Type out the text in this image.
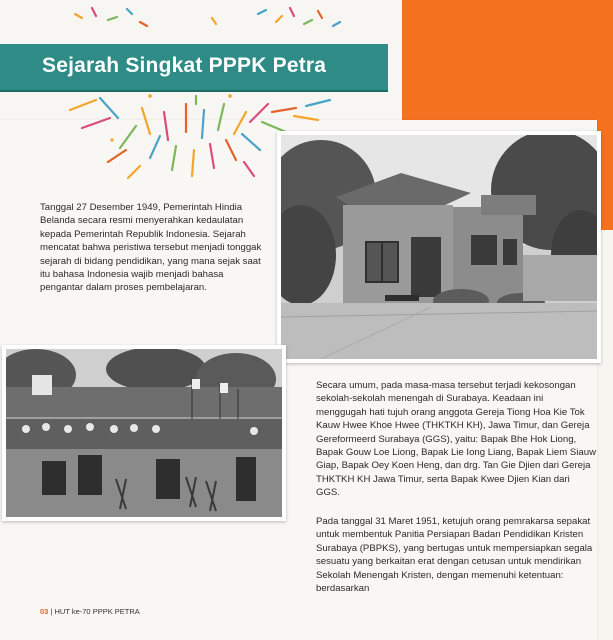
Sejarah Singkat PPPK Petra

Tanggal 27 Desember 1949, Pemerintah Hindia Belanda secara resmi menyerahkan kedaulatan kepada Pemerintah Republik Indonesia. Sejarah mencatat bahwa peristiwa tersebut menjadi tonggak sejarah di bidang pendidikan, yang mana sejak saat itu bahasa Indonesia wajib menjadi bahasa pengantar dalam proses pembelajaran.

Secara umum, pada masa-masa tersebut terjadi kekosongan sekolah-sekolah menengah di Surabaya. Keadaan ini menggugah hati tujuh orang anggota Gereja Tiong Hoa Kie Tok Kauw Hwee Khoe Hwee (THKTKH KH), Jawa Timur, dan Gereja Gereformeerd Surabaya (GGS), yaitu: Bapak Bhe Hok Liong, Bapak Gouw Loe Liong, Bapak Lie Iong Liang, Bapak Liem Siauw Giap, Bapak Oey Koen Heng, dan drg. Tan Gie Djien dari Gereja THKTKH KH Jawa Timur, serta Bapak Kwee Djien Kian dari GGS.

Pada tanggal 31 Maret 1951, ketujuh orang pemrakarsa sepakat untuk membentuk Panitia Persiapan Badan Pendidikan Kristen Surabaya (PBPKS), yang bertugas untuk mempersiapkan segala sesuatu yang berkaitan erat dengan cetusan untuk mendirikan Sekolah Menengah Kristen, dengan memenuhi ketentuan: berdasarkan

03 | HUT ke-70 PPPK PETRA
